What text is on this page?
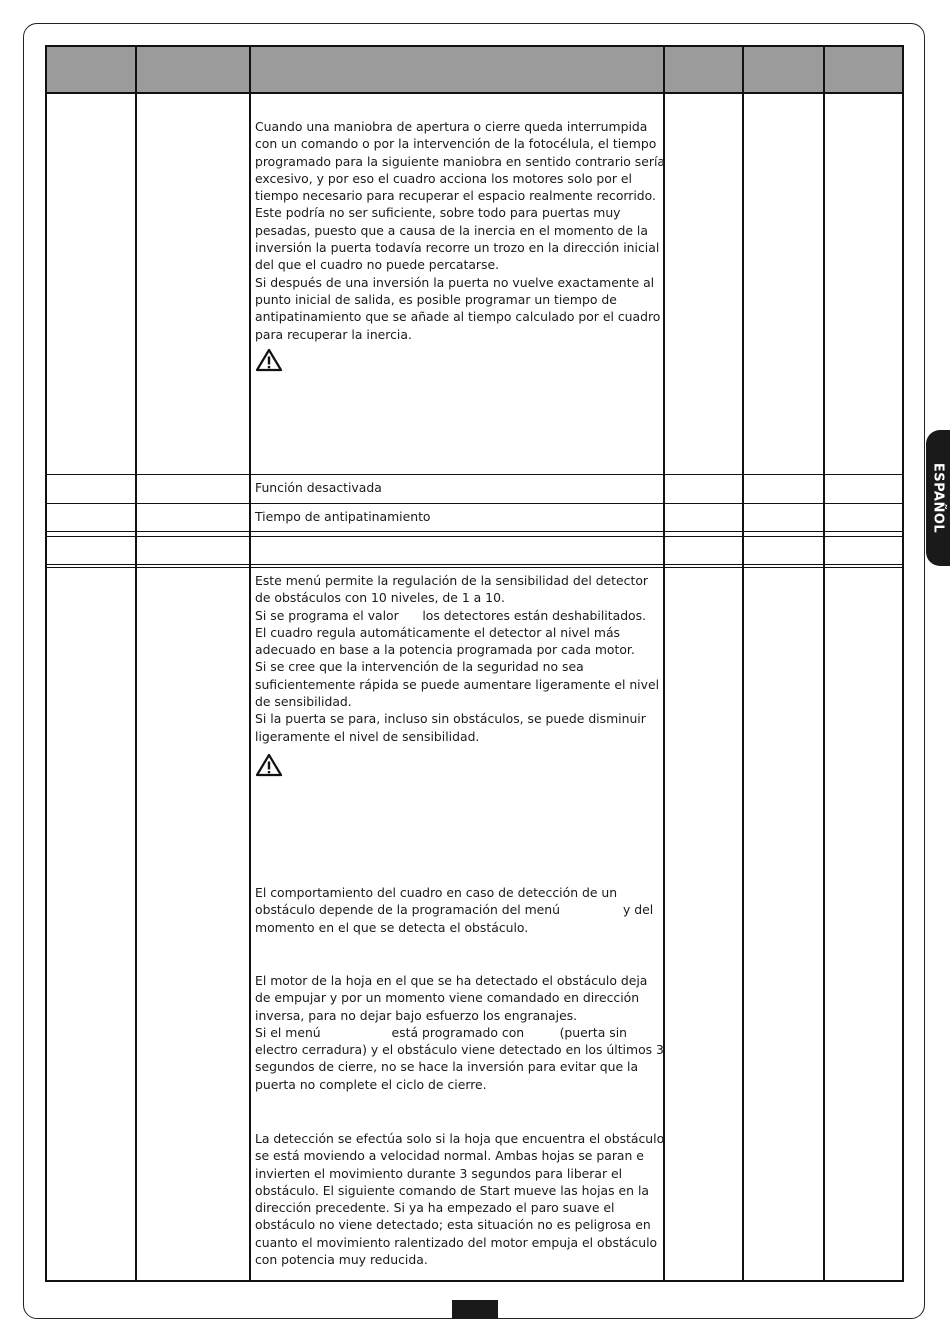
ESPAÑOL

Cuando una maniobra de apertura o cierre queda interrumpida con un comando o por la intervención de la fotocélula, el tiempo programado para la siguiente maniobra en sentido contrario sería excesivo, y por eso el cuadro acciona los motores solo por el tiempo necesario para recuperar el espacio realmente recorrido.

Este podría no ser suficiente, sobre todo para puertas muy pesadas, puesto que a causa de la inercia en el momento de la inversión la puerta todavía recorre un trozo en la dirección inicial del que el cuadro no puede percatarse.

Si después de una inversión la puerta no vuelve exactamente al punto inicial de salida, es posible programar un tiempo de antipatinamiento que se añade al tiempo calculado por el cuadro para recuperar la inercia.

Función desactivada
Tiempo de antipatinamiento

Este menú permite la regulación de la sensibilidad del detector de obstáculos con 10 niveles, de 1 a 10.

Si se programa el valor      los detectores están deshabilitados.

El cuadro regula automáticamente el detector al nivel más adecuado en base a la potencia programada por cada motor.

Si se cree que la intervención de la seguridad no sea suficientemente rápida se puede aumentare ligeramente el nivel de sensibilidad.

Si la puerta se para, incluso sin obstáculos, se puede disminuir ligeramente el nivel de sensibilidad.

El comportamiento del cuadro en caso de detección de un obstáculo depende de la programación del menú                y del momento en el que se detecta el obstáculo.

El motor de la hoja en el que se ha detectado el obstáculo deja de empujar y por un momento viene comandado en dirección inversa, para no dejar bajo esfuerzo los engranajes.

Si el menú                  está programado con         (puerta sin electro cerradura) y el obstáculo viene detectado en los últimos 3 segundos de cierre, no se hace la inversión para evitar que la puerta no complete el ciclo de cierre.

La detección se efectúa solo si la hoja que encuentra el obstáculo se está moviendo a velocidad normal. Ambas hojas se paran e invierten el movimiento durante 3 segundos para liberar el obstáculo. El siguiente comando de Start mueve las hojas en la dirección precedente. Si ya ha empezado el paro suave el obstáculo no viene detectado; esta situación no es peligrosa en cuanto el movimiento ralentizado del motor empuja el obstáculo con potencia muy reducida.
